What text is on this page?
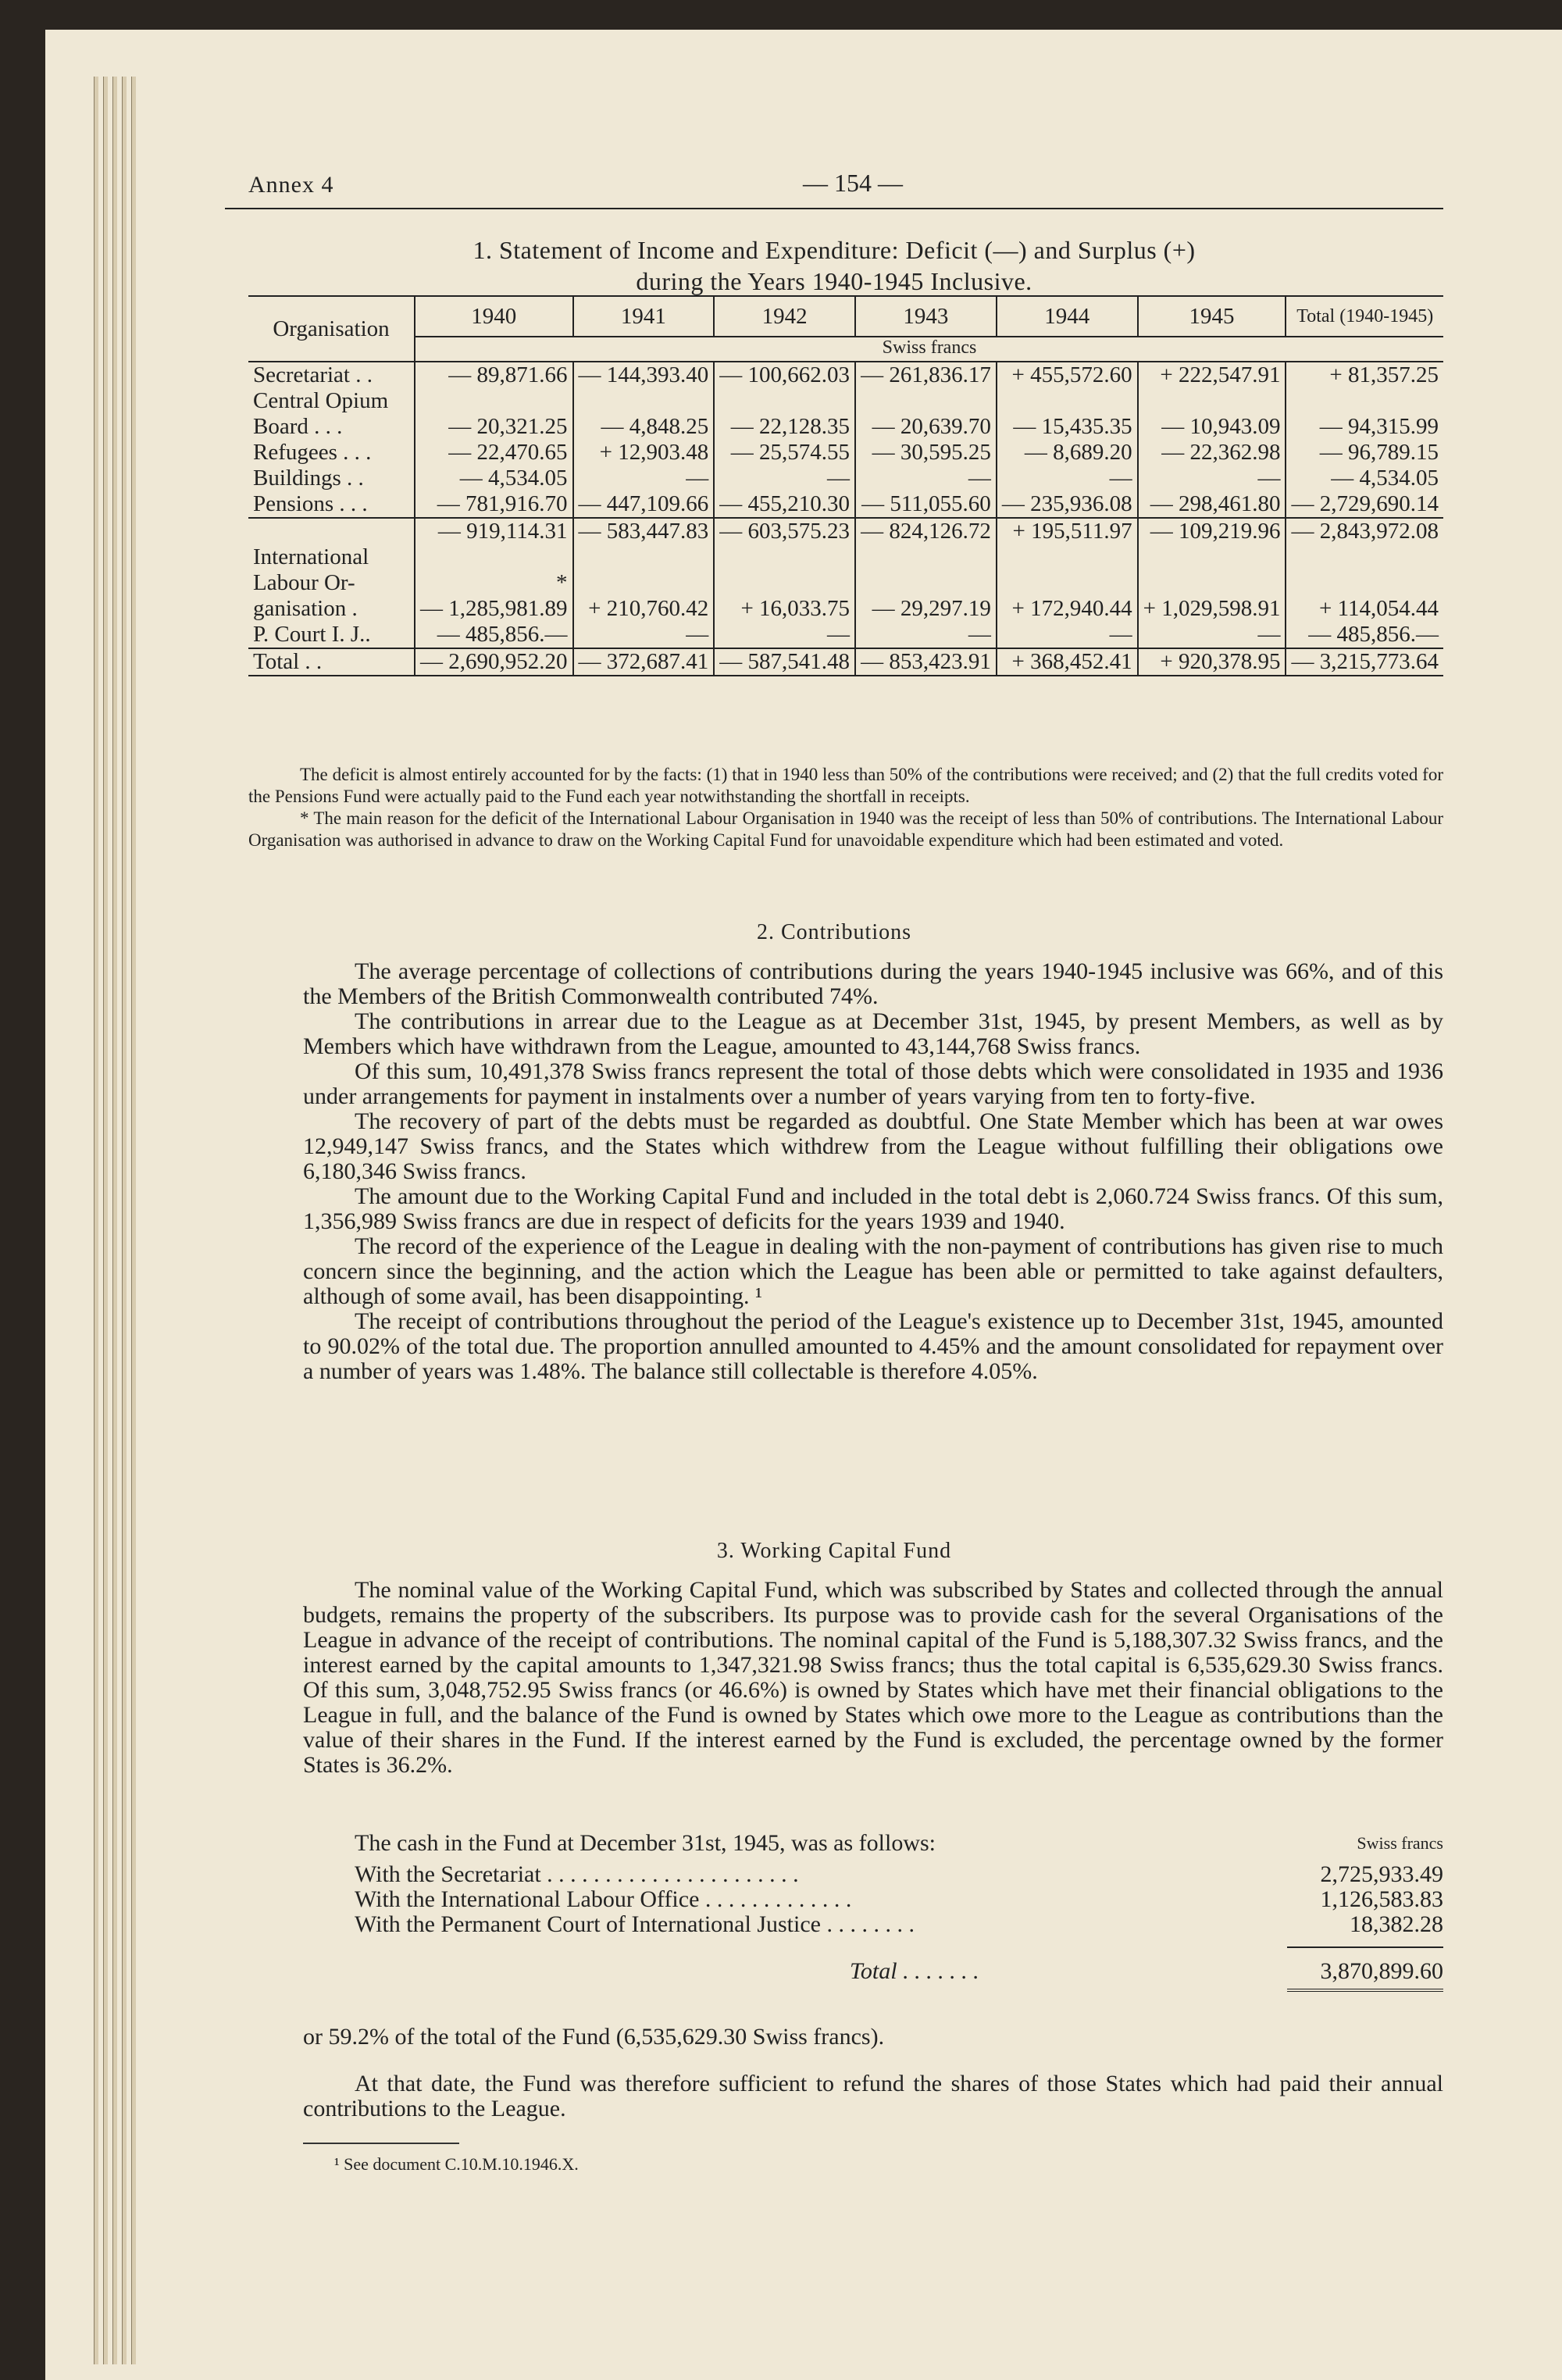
Annex 4	— 154 —
1. Statement of Income and Expenditure: Deficit (—) and Surplus (+)
during the Years 1940-1945 Inclusive.
Organisation	1940	1941	1942	1943	1944	1945	Total (1940-1945)
	Swiss francs						
Secretariat . .	— 89,871.66	— 144,393.40	— 100,662.03	— 261,836.17	+ 455,572.60	+ 222,547.91	+ 81,357.25
Central Opium							
Board . . .	— 20,321.25	— 4,848.25	— 22,128.35	— 20,639.70	— 15,435.35	— 10,943.09	— 94,315.99
Refugees . . .	— 22,470.65	+ 12,903.48	— 25,574.55	— 30,595.25	— 8,689.20	— 22,362.98	— 96,789.15
Buildings . .	— 4,534.05	—	—	—	—	—	— 4,534.05
Pensions . . .	— 781,916.70	— 447,109.66	— 455,210.30	— 511,055.60	— 235,936.08	— 298,461.80	— 2,729,690.14
	— 919,114.31	— 583,447.83	— 603,575.23	— 824,126.72	+ 195,511.97	— 109,219.96	— 2,843,972.08
International							
Labour Or-	*						
ganisation .	— 1,285,981.89	+ 210,760.42	+ 16,033.75	— 29,297.19	+ 172,940.44	+ 1,029,598.91	+ 114,054.44
P. Court I. J..	— 485,856.—	—	—	—	—	—	— 485,856.—
Total . .	— 2,690,952.20	— 372,687.41	— 587,541.48	— 853,423.91	+ 368,452.41	+ 920,378.95	— 3,215,773.64
The deficit is almost entirely accounted for by the facts: (1) that in 1940 less than 50% of the contributions were received; and (2) that the full credits voted for the Pensions Fund were actually paid to the Fund each year notwithstanding the shortfall in receipts.
* The main reason for the deficit of the International Labour Organisation in 1940 was the receipt of less than 50% of contributions. The International Labour Organisation was authorised in advance to draw on the Working Capital Fund for unavoidable expenditure which had been estimated and voted.
2. Contributions
The average percentage of collections of contributions during the years 1940-1945 inclusive was 66%, and of this the Members of the British Commonwealth contributed 74%.
The contributions in arrear due to the League as at December 31st, 1945, by present Members, as well as by Members which have withdrawn from the League, amounted to 43,144,768 Swiss francs.
Of this sum, 10,491,378 Swiss francs represent the total of those debts which were consolidated in 1935 and 1936 under arrangements for payment in instalments over a number of years varying from ten to forty-five.
The recovery of part of the debts must be regarded as doubtful. One State Member which has been at war owes 12,949,147 Swiss francs, and the States which withdrew from the League without fulfilling their obligations owe 6,180,346 Swiss francs.
The amount due to the Working Capital Fund and included in the total debt is 2,060.724 Swiss francs. Of this sum, 1,356,989 Swiss francs are due in respect of deficits for the years 1939 and 1940.
The record of the experience of the League in dealing with the non-payment of contributions has given rise to much concern since the beginning, and the action which the League has been able or permitted to take against defaulters, although of some avail, has been disappointing. ¹
The receipt of contributions throughout the period of the League's existence up to December 31st, 1945, amounted to 90.02% of the total due. The proportion annulled amounted to 4.45% and the amount consolidated for repayment over a number of years was 1.48%. The balance still collectable is therefore 4.05%.
3. Working Capital Fund
The nominal value of the Working Capital Fund, which was subscribed by States and collected through the annual budgets, remains the property of the subscribers. Its purpose was to provide cash for the several Organisations of the League in advance of the receipt of contributions. The nominal capital of the Fund is 5,188,307.32 Swiss francs, and the interest earned by the capital amounts to 1,347,321.98 Swiss francs; thus the total capital is 6,535,629.30 Swiss francs. Of this sum, 3,048,752.95 Swiss francs (or 46.6%) is owned by States which have met their financial obligations to the League in full, and the balance of the Fund is owned by States which owe more to the League as contributions than the value of their shares in the Fund. If the interest earned by the Fund is excluded, the percentage owned by the former States is 36.2%.
The cash in the Fund at December 31st, 1945, was as follows:	Swiss francs
With the Secretariat . . . . . . . . . . . . . . . . . . . . . .	2,725,933.49
With the International Labour Office . . . . . . . . . . . . .	1,126,583.83
With the Permanent Court of International Justice . . . . . . . .	18,382.28
Total . . . . . . .	3,870,899.60
or 59.2% of the total of the Fund (6,535,629.30 Swiss francs).
At that date, the Fund was therefore sufficient to refund the shares of those States which had paid their annual contributions to the League.
¹ See document C.10.M.10.1946.X.
